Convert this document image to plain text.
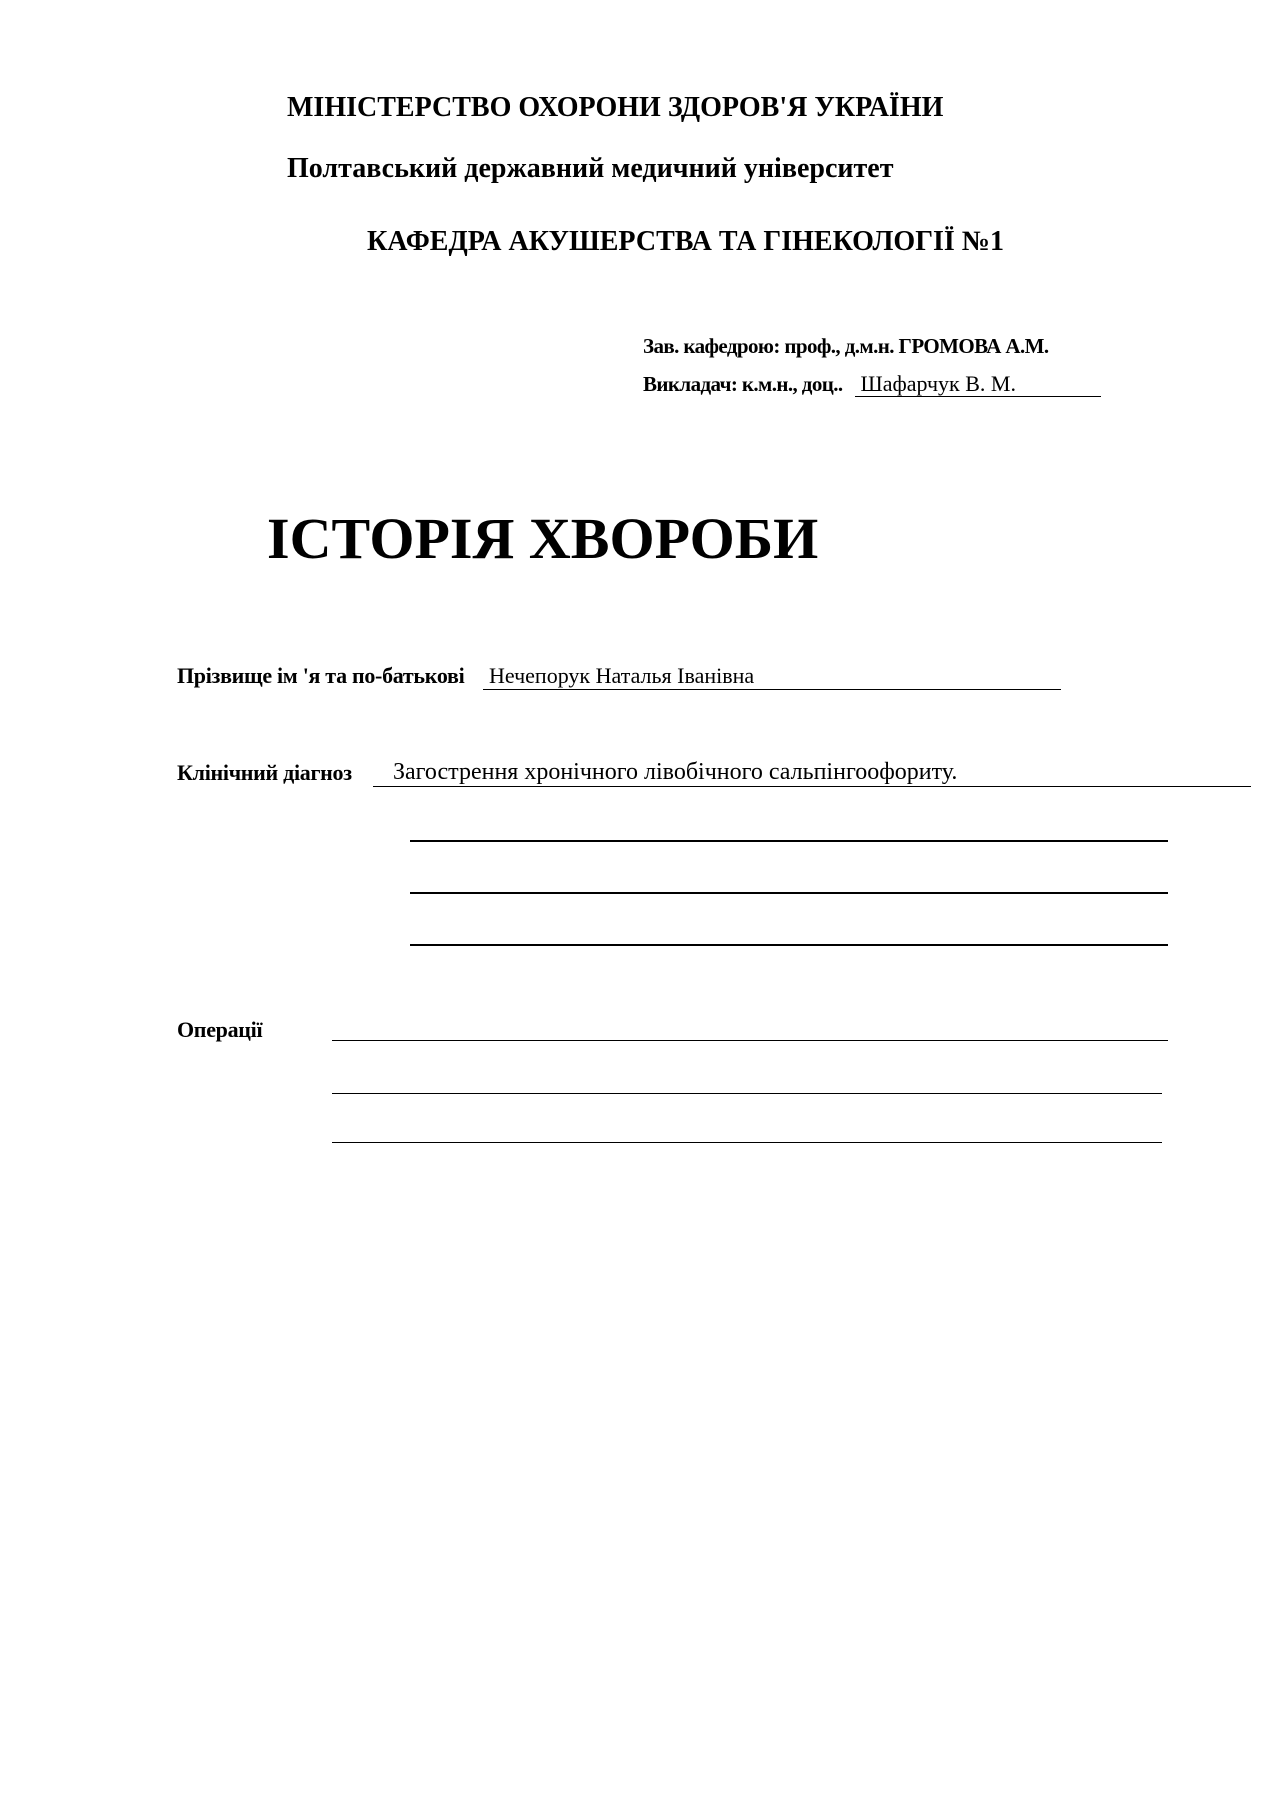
МІНІСТЕРСТВО ОХОРОНИ ЗДОРОВ'Я УКРАЇНИ
Полтавський державний медичний університет
КАФЕДРА АКУШЕРСТВА ТА ГІНЕКОЛОГІЇ №1
Зав. кафедрою: проф., д.м.н. ГРОМОВА А.М.
Викладач: к.м.н., доц.. Шафарчук В. М.
ІСТОРІЯ ХВОРОБИ
Прізвище ім 'я та по-батькові Нечепорук Наталья Іванівна
Клінічний діагноз	Загострення хронічного лівобічного сальпінгоофориту.
Операції
